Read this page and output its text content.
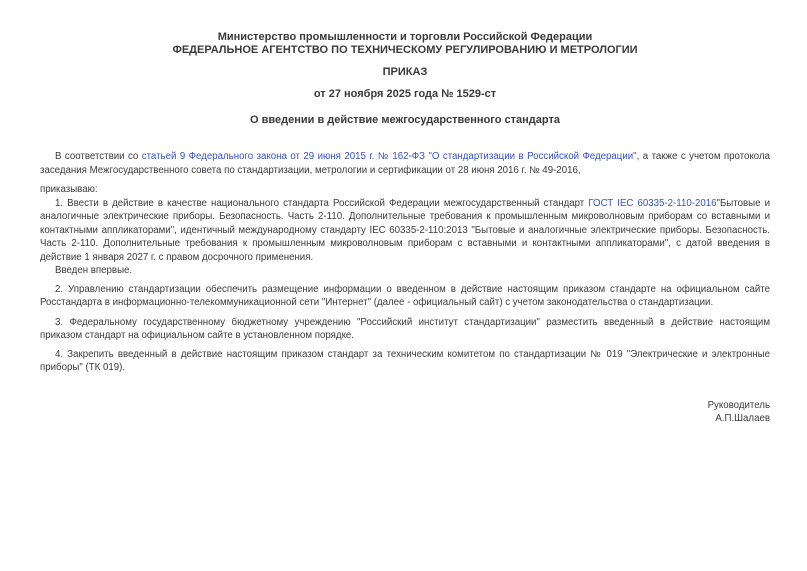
Министерство промышленности и торговли Российской Федерации
ФЕДЕРАЛЬНОЕ АГЕНТСТВО ПО ТЕХНИЧЕСКОМУ РЕГУЛИРОВАНИЮ И МЕТРОЛОГИИ
ПРИКАЗ
от 27 ноября 2025 года № 1529-ст
О введении в действие межгосударственного стандарта

В соответствии со статьей 9 Федерального закона от 29 июня 2015 г. № 162-ФЗ "О стандартизации в Российской Федерации", а также с учетом протокола заседания Межгосударственного совета по стандартизации, метрологии и сертификации от 28 июня 2016 г. № 49-2016,

приказываю:

1. Ввести в действие в качестве национального стандарта Российской Федерации межгосударственный стандарт ГОСТ IEC 60335-2-110-2016"Бытовые и аналогичные электрические приборы. Безопасность. Часть 2-110. Дополнительные требования к промышленным микроволновым приборам со вставными и контактными аппликаторами", идентичный международному стандарту IEC 60335-2-110:2013 "Бытовые и аналогичные электрические приборы. Безопасность. Часть 2-110. Дополнительные требования к промышленным микроволновым приборам с вставными и контактными аппликаторами", с датой введения в действие 1 января 2027 г. с правом досрочного применения.

Введен впервые.

2. Управлению стандартизации обеспечить размещение информации о введенном в действие настоящим приказом стандарте на официальном сайте Росстандарта в информационно-телекоммуникационной сети "Интернет" (далее - официальный сайт) с учетом законодательства о стандартизации.

3. Федеральному государственному бюджетному учреждению "Российский институт стандартизации" разместить введенный в действие настоящим приказом стандарт на официальном сайте в установленном порядке.

4. Закрепить введенный в действие настоящим приказом стандарт за техническим комитетом по стандартизации № 019 "Электрические и электронные приборы" (ТК 019).

Руководитель
А.П.Шалаев
